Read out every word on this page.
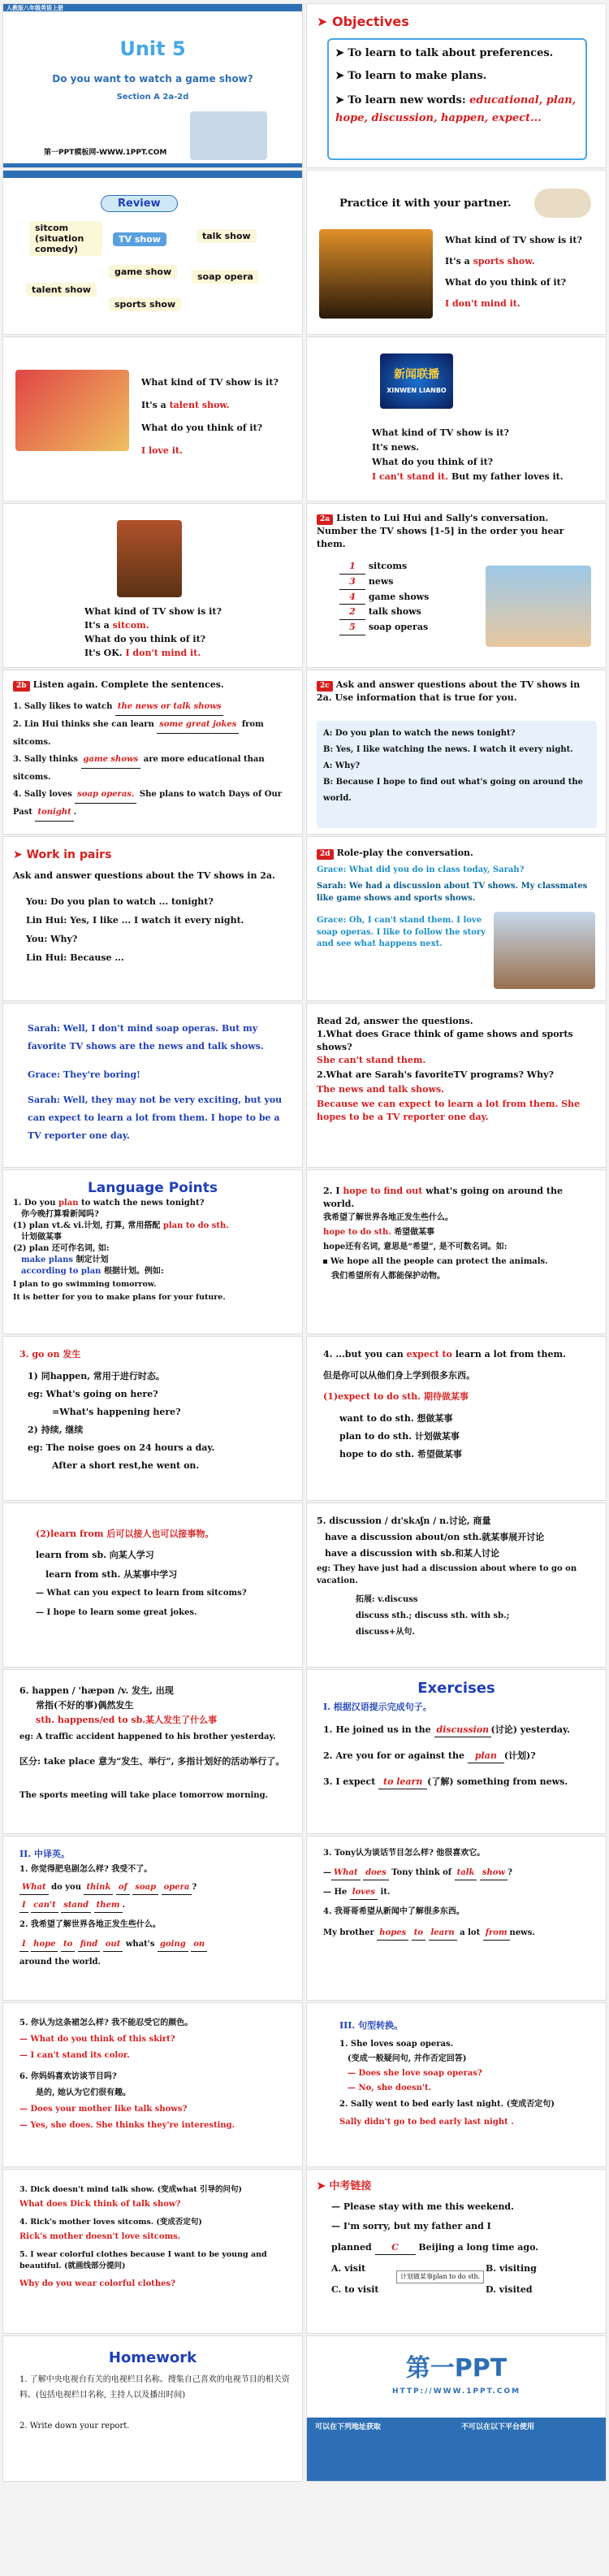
人教版八年级英语上册
Unit 5
Do you want to watch a game show?
Section A 2a-2d
第一PPT模板网-WWW.1PPT.COM
➤ Objectives
➤ To learn to talk about preferences.
➤ To learn to make plans.
➤ To learn new words: educational, plan, hope, discussion, happen, expect...
Review
sitcom (situation comedy)
TV show	talk show
game show	soap opera
talent show
sports show
Practice it with your partner.
What kind of TV show is it?
It's a sports show.
What do you think of it?
I don't mind it.
What kind of TV show is it?
It's a talent show.
What do you think of it?
I love it.
新闻联播
XINWEN LIANBO
What kind of TV show is it?
It's news.
What do you think of it?
I can't stand it. But my father loves it.
What kind of TV show is it?
It's a sitcom.
What do you think of it?
It's OK. I don't mind it.
2a Listen to Lui Hui and Sally's conversation. Number the TV shows [1-5] in the order you hear them.
1 sitcoms
3 news
4 game shows
2 talk shows
5 soap operas
2b Listen again. Complete the sentences.
1. Sally likes to watch the news or talk shows
2. Lin Hui thinks she can learn some great jokes from sitcoms.
3. Sally thinks game shows are more educational than sitcoms.
4. Sally loves soap operas. She plans to watch Days of Our Past tonight .
2c Ask and answer questions about the TV shows in 2a. Use information that is true for you.
A: Do you plan to watch the news tonight?
B: Yes, I like watching the news. I watch it every night.
A: Why?
B: Because I hope to find out what's going on around the world.
➤ Work in pairs
Ask and answer questions about the TV shows in 2a.
You: Do you plan to watch ... tonight?
Lin Hui: Yes, I like ... I watch it every night.
You: Why?
Lin Hui: Because ...
2d Role-play the conversation.
Grace: What did you do in class today, Sarah?
Sarah: We had a discussion about TV shows. My classmates like game shows and sports shows.
Grace: Oh, I can't stand them. I love soap operas. I like to follow the story and see what happens next.
Sarah: Well, I don't mind soap operas. But my favorite TV shows are the news and talk shows.
Grace: They're boring!
Sarah: Well, they may not be very exciting, but you can expect to learn a lot from them. I hope to be a TV reporter one day.
Read 2d, answer the questions.
1.What does Grace think of game shows and sports shows?
She can't stand them.
2.What are Sarah's favoriteTV programs? Why?
The news and talk shows.
Because we can expect to learn a lot from them. She hopes to be a TV reporter one day.
Language Points
1. Do you plan to watch the news tonight?
你今晚打算看新闻吗?
(1) plan vt.& vi.计划, 打算, 常用搭配 plan to do sth.
计划做某事
(2) plan 还可作名词, 如:
make plans 制定计划
according to plan 根据计划。例如:
I plan to go swimming tomorrow.
It is better for you to make plans for your future.
2. I hope to find out what's going on around the world.
我希望了解世界各地正发生些什么。
hope to do sth. 希望做某事
hope还有名词, 意思是“希望”, 是不可数名词。如:
We hope all the people can protect the animals.
我们希望所有人都能保护动物。
3. go on 发生
1) 同happen, 常用于进行时态。
eg: What's going on here?
=What's happening here?
2) 持续, 继续
eg: The noise goes on 24 hours a day.
After a short rest,he went on.
4. ...but you can expect to learn a lot from them.
但是你可以从他们身上学到很多东西。
(1)expect to do sth. 期待做某事
want to do sth. 想做某事
plan to do sth. 计划做某事
hope to do sth. 希望做某事
(2)learn from 后可以接人也可以接事物。
learn from sb. 向某人学习
learn from sth. 从某事中学习
— What can you expect to learn from sitcoms?
— I hope to learn some great jokes.
5. discussion / dɪ'skʌʃn / n.讨论, 商量
have a discussion about/on sth.就某事展开讨论
have a discussion with sb.和某人讨论
eg: They have just had a discussion about where to go on vacation.
拓展: v.discuss
discuss sth.; discuss sth. with sb.;
discuss+从句.
6. happen / 'hæpən /v. 发生, 出现
常指(不好的事)偶然发生
sth. happens/ed to sb.某人发生了什么事
eg: A traffic accident happened to his brother yesterday.
区分: take place 意为“发生、举行”, 多指计划好的活动举行了。
The sports meeting will take place tomorrow morning.
Exercises
I. 根据汉语提示完成句子。
1. He joined us in the discussion (讨论) yesterday.
2. Are you for or against the plan (计划)?
3. I expect to learn (了解) something from news.
II. 中译英。
1. 你觉得肥皂剧怎么样? 我受不了。
What do you think of soap opera ?
I can't stand them .
2. 我希望了解世界各地正发生些什么。
I hope to find out what's going on
around the world.
3. Tony认为谈话节目怎么样? 他很喜欢它。
— What does Tony think of talk show ?
— He loves it.
4. 我哥哥希望从新闻中了解很多东西。
My brother hopes to learn a lot from news.
5. 你认为这条裙怎么样? 我不能忍受它的颜色。
— What do you think of this skirt?
— I can't stand its color.
6. 你妈妈喜欢访谈节目吗?
是的, 她认为它们很有趣。
— Does your mother like talk shows?
— Yes, she does. She thinks they're interesting.
III. 句型转换。
1. She loves soap operas.
(变成一般疑问句, 并作否定回答)
— Does she love soap operas?
— No, she doesn't.
2. Sally went to bed early last night. (变成否定句)
Sally didn't go to bed early last night .
3. Dick doesn't mind talk show. (变成what 引导的问句)
What does Dick think of talk show?
4. Rick's mother loves sitcoms. (变成否定句)
Rick's mother doesn't love sitcoms.
5. I wear colorful clothes because I want to be young and beautiful. (就画线部分提问)
Why do you wear colorful clothes?
➤ 中考链接
— Please stay with me this weekend.
— I'm sorry, but my father and I
planned C Beijing a long time ago.
A. visit	B. visiting
C. to visit	D. visited
计划做某事plan to do sth.
Homework
1. 了解中央电视台有关的电视栏目名称。搜集自己喜欢的电视节目的相关资料。(包括电视栏目名称, 主持人以及播出时间)
2. Write down your report.
第一PPT
HTTP://WWW.1PPT.COM
可以在下列地址获取	不可以在以下平台使用
